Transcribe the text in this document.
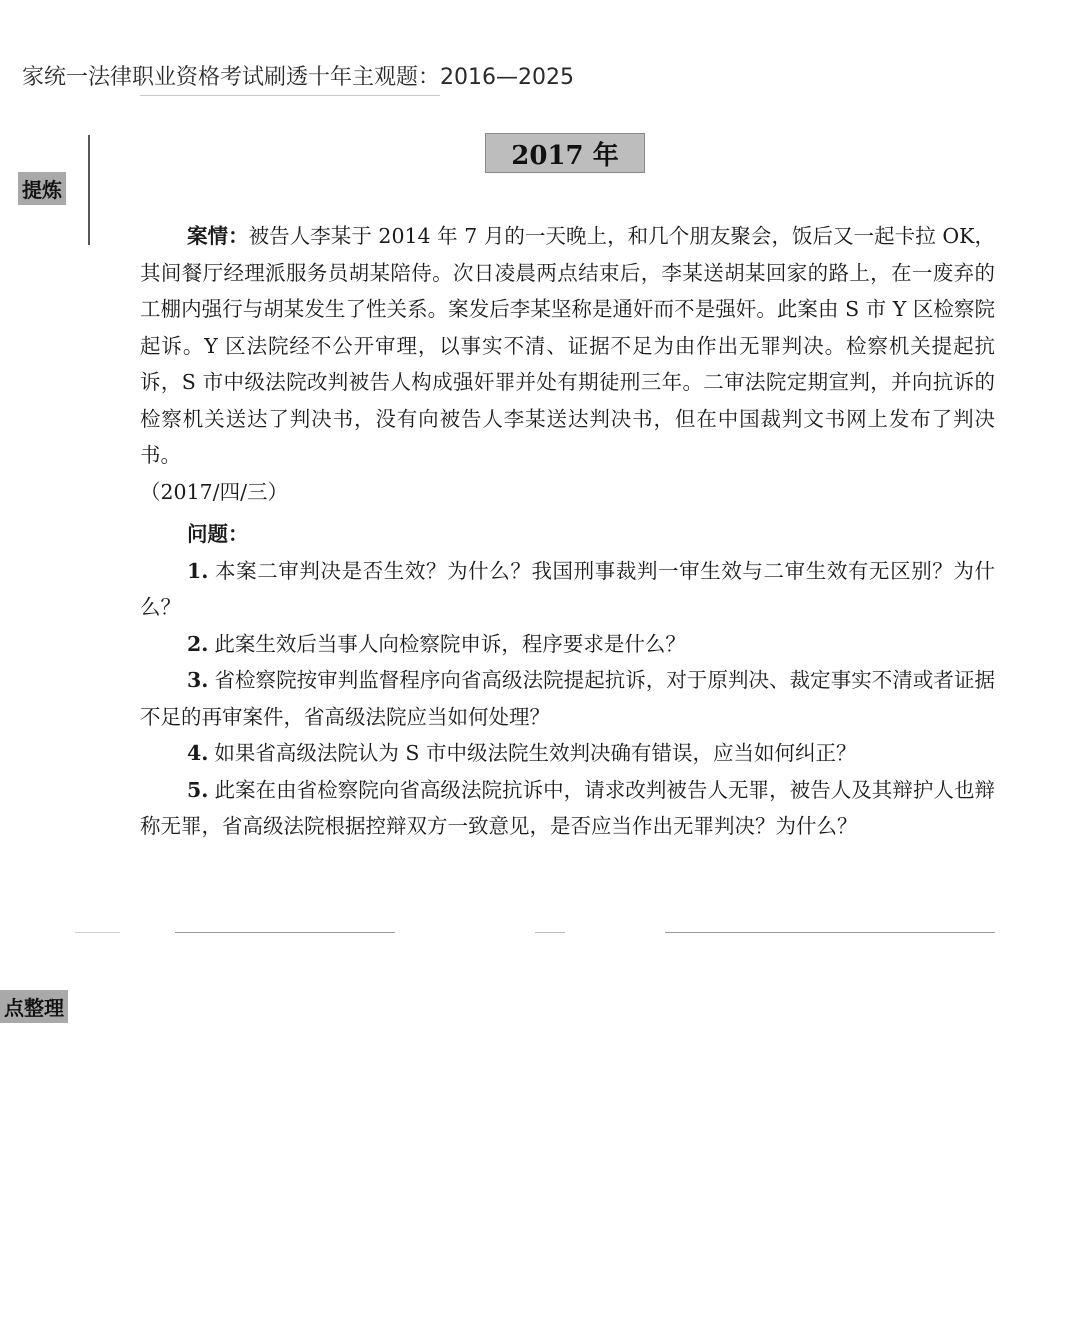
家统一法律职业资格考试刷透十年主观题：2016—2025
提炼
2017 年

案情：被告人李某于 2014 年 7 月的一天晚上，和几个朋友聚会，饭后又一起卡拉 OK，其间餐厅经理派服务员胡某陪侍。次日凌晨两点结束后，李某送胡某回家的路上，在一废弃的工棚内强行与胡某发生了性关系。案发后李某坚称是通奸而不是强奸。此案由 S 市 Y 区检察院起诉。Y 区法院经不公开审理，以事实不清、证据不足为由作出无罪判决。检察机关提起抗诉，S 市中级法院改判被告人构成强奸罪并处有期徒刑三年。二审法院定期宣判，并向抗诉的检察机关送达了判决书，没有向被告人李某送达判决书，但在中国裁判文书网上发布了判决书。

（2017/四/三）

问题：

1. 本案二审判决是否生效？为什么？我国刑事裁判一审生效与二审生效有无区别？为什么？

2. 此案生效后当事人向检察院申诉，程序要求是什么？

3. 省检察院按审判监督程序向省高级法院提起抗诉，对于原判决、裁定事实不清或者证据不足的再审案件，省高级法院应当如何处理？

4. 如果省高级法院认为 S 市中级法院生效判决确有错误，应当如何纠正？

5. 此案在由省检察院向省高级法院抗诉中，请求改判被告人无罪，被告人及其辩护人也辩称无罪，省高级法院根据控辩双方一致意见，是否应当作出无罪判决？为什么？

点整理
